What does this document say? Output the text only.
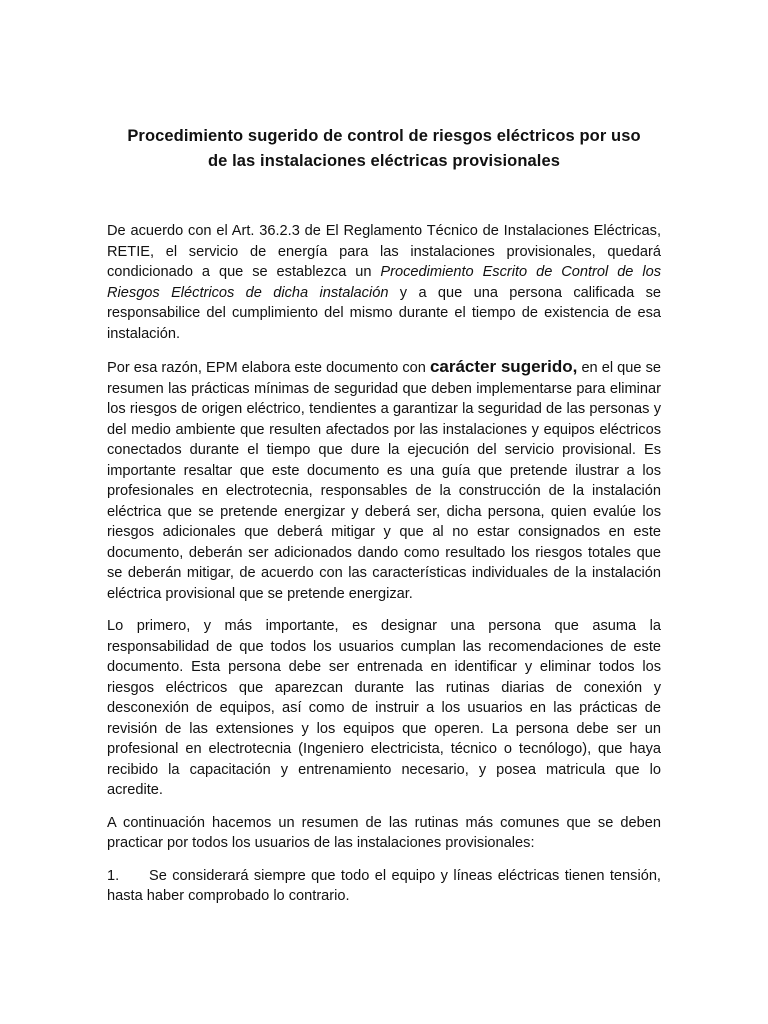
Procedimiento sugerido de control de riesgos eléctricos por uso
de las instalaciones eléctricas provisionales

De acuerdo con el Art. 36.2.3 de El Reglamento Técnico de Instalaciones Eléctricas, RETIE, el servicio de energía para las instalaciones provisionales, quedará condicionado a que se establezca un Procedimiento Escrito de Control de los Riesgos Eléctricos de dicha instalación y a que una persona calificada se responsabilice del cumplimiento del mismo durante el tiempo de existencia de esa instalación.

Por esa razón, EPM elabora este documento con carácter sugerido, en el que se resumen las prácticas mínimas de seguridad que deben implementarse para eliminar los riesgos de origen eléctrico, tendientes a garantizar la seguridad de las personas y del medio ambiente que resulten afectados por las instalaciones y equipos eléctricos conectados durante el tiempo que dure la ejecución del servicio provisional. Es importante resaltar que este documento es una guía que pretende ilustrar a los profesionales en electrotecnia, responsables de la construcción de la instalación eléctrica que se pretende energizar y deberá ser, dicha persona, quien evalúe los riesgos adicionales que deberá mitigar y que al no estar consignados en este documento, deberán ser adicionados dando como resultado los riesgos totales que se deberán mitigar, de acuerdo con las características individuales de la instalación eléctrica provisional que se pretende energizar.

Lo primero, y más importante, es designar una persona que asuma la responsabilidad de que todos los usuarios cumplan las recomendaciones de este documento. Esta persona debe ser entrenada en identificar y eliminar todos los riesgos eléctricos que aparezcan durante las rutinas diarias de conexión y desconexión de equipos, así como de instruir a los usuarios en las prácticas de revisión de las extensiones y los equipos que operen. La persona debe ser un profesional en electrotecnia (Ingeniero electricista, técnico o tecnólogo), que haya recibido la capacitación y entrenamiento necesario, y posea matricula que lo acredite.

A continuación hacemos un resumen de las rutinas más comunes que se deben practicar por todos los usuarios de las instalaciones provisionales:

1. Se considerará siempre que todo el equipo y líneas eléctricas tienen tensión, hasta haber comprobado lo contrario.
